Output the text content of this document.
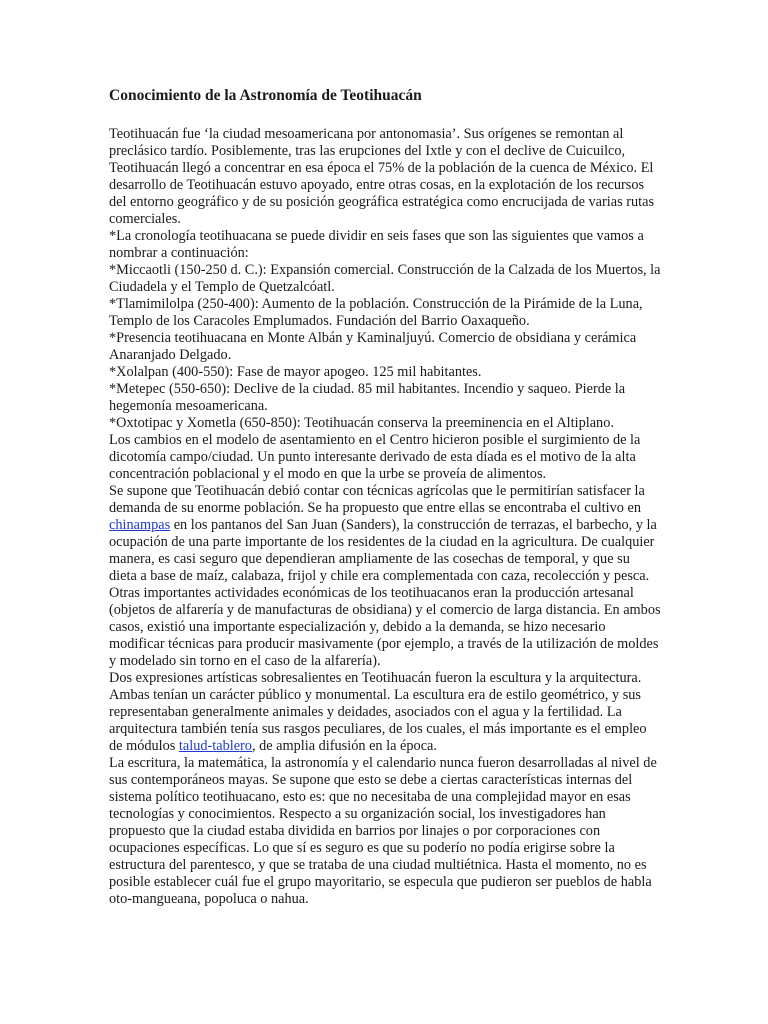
Conocimiento de la Astronomía de Teotihuacán
Teotihuacán fue ‘la ciudad mesoamericana por antonomasia’. Sus orígenes se remontan al preclásico tardío. Posiblemente, tras las erupciones del Ixtle y con el declive de Cuicuilco, Teotihuacán llegó a concentrar en esa época el 75% de la población de la cuenca de México. El desarrollo de Teotihuacán estuvo apoyado, entre otras cosas, en la explotación de los recursos del entorno geográfico y de su posición geográfica estratégica como encrucijada de varias rutas comerciales.
*La cronología teotihuacana se puede dividir en seis fases que son las siguientes que vamos a nombrar a continuación:
*Miccaotli (150-250 d. C.): Expansión comercial. Construcción de la Calzada de los Muertos, la Ciudadela y el Templo de Quetzalcóatl.
*Tlamimilolpa (250-400): Aumento de la población. Construcción de la Pirámide de la Luna, Templo de los Caracoles Emplumados. Fundación del Barrio Oaxaqueño.
*Presencia teotihuacana en Monte Albán y Kaminaljuyú. Comercio de obsidiana y cerámica Anaranjado Delgado.
*Xolalpan (400-550): Fase de mayor apogeo. 125 mil habitantes.
*Metepec (550-650): Declive de la ciudad. 85 mil habitantes. Incendio y saqueo. Pierde la hegemonía mesoamericana.
*Oxtotipac y Xometla (650-850): Teotihuacán conserva la preeminencia en el Altiplano.
Los cambios en el modelo de asentamiento en el Centro hicieron posible el surgimiento de la dicotomía campo/ciudad. Un punto interesante derivado de esta díada es el motivo de la alta concentración poblacional y el modo en que la urbe se proveía de alimentos.
Se supone que Teotihuacán debió contar con técnicas agrícolas que le permitirían satisfacer la demanda de su enorme población. Se ha propuesto que entre ellas se encontraba el cultivo en chinampas en los pantanos del San Juan (Sanders), la construcción de terrazas, el barbecho, y la ocupación de una parte importante de los residentes de la ciudad en la agricultura. De cualquier manera, es casi seguro que dependieran ampliamente de las cosechas de temporal, y que su dieta a base de maíz, calabaza, frijol y chile era complementada con caza, recolección y pesca.
Otras importantes actividades económicas de los teotihuacanos eran la producción artesanal (objetos de alfarería y de manufacturas de obsidiana) y el comercio de larga distancia. En ambos casos, existió una importante especialización y, debido a la demanda, se hizo necesario modificar técnicas para producir masivamente (por ejemplo, a través de la utilización de moldes y modelado sin torno en el caso de la alfarería).
Dos expresiones artísticas sobresalientes en Teotihuacán fueron la escultura y la arquitectura. Ambas tenían un carácter público y monumental. La escultura era de estilo geométrico, y sus representaban generalmente animales y deidades, asociados con el agua y la fertilidad. La arquitectura también tenía sus rasgos peculiares, de los cuales, el más importante es el empleo de módulos talud-tablero, de amplia difusión en la época.
La escritura, la matemática, la astronomía y el calendario nunca fueron desarrolladas al nivel de sus contemporáneos mayas. Se supone que esto se debe a ciertas características internas del sistema político teotihuacano, esto es: que no necesitaba de una complejidad mayor en esas tecnologías y conocimientos. Respecto a su organización social, los investigadores han propuesto que la ciudad estaba dividida en barrios por linajes o por corporaciones con ocupaciones específicas. Lo que sí es seguro es que su poderío no podía erigirse sobre la estructura del parentesco, y que se trataba de una ciudad multiétnica. Hasta el momento, no es posible establecer cuál fue el grupo mayoritario, se especula que pudieron ser pueblos de habla oto-mangueana, popoluca o nahua.
